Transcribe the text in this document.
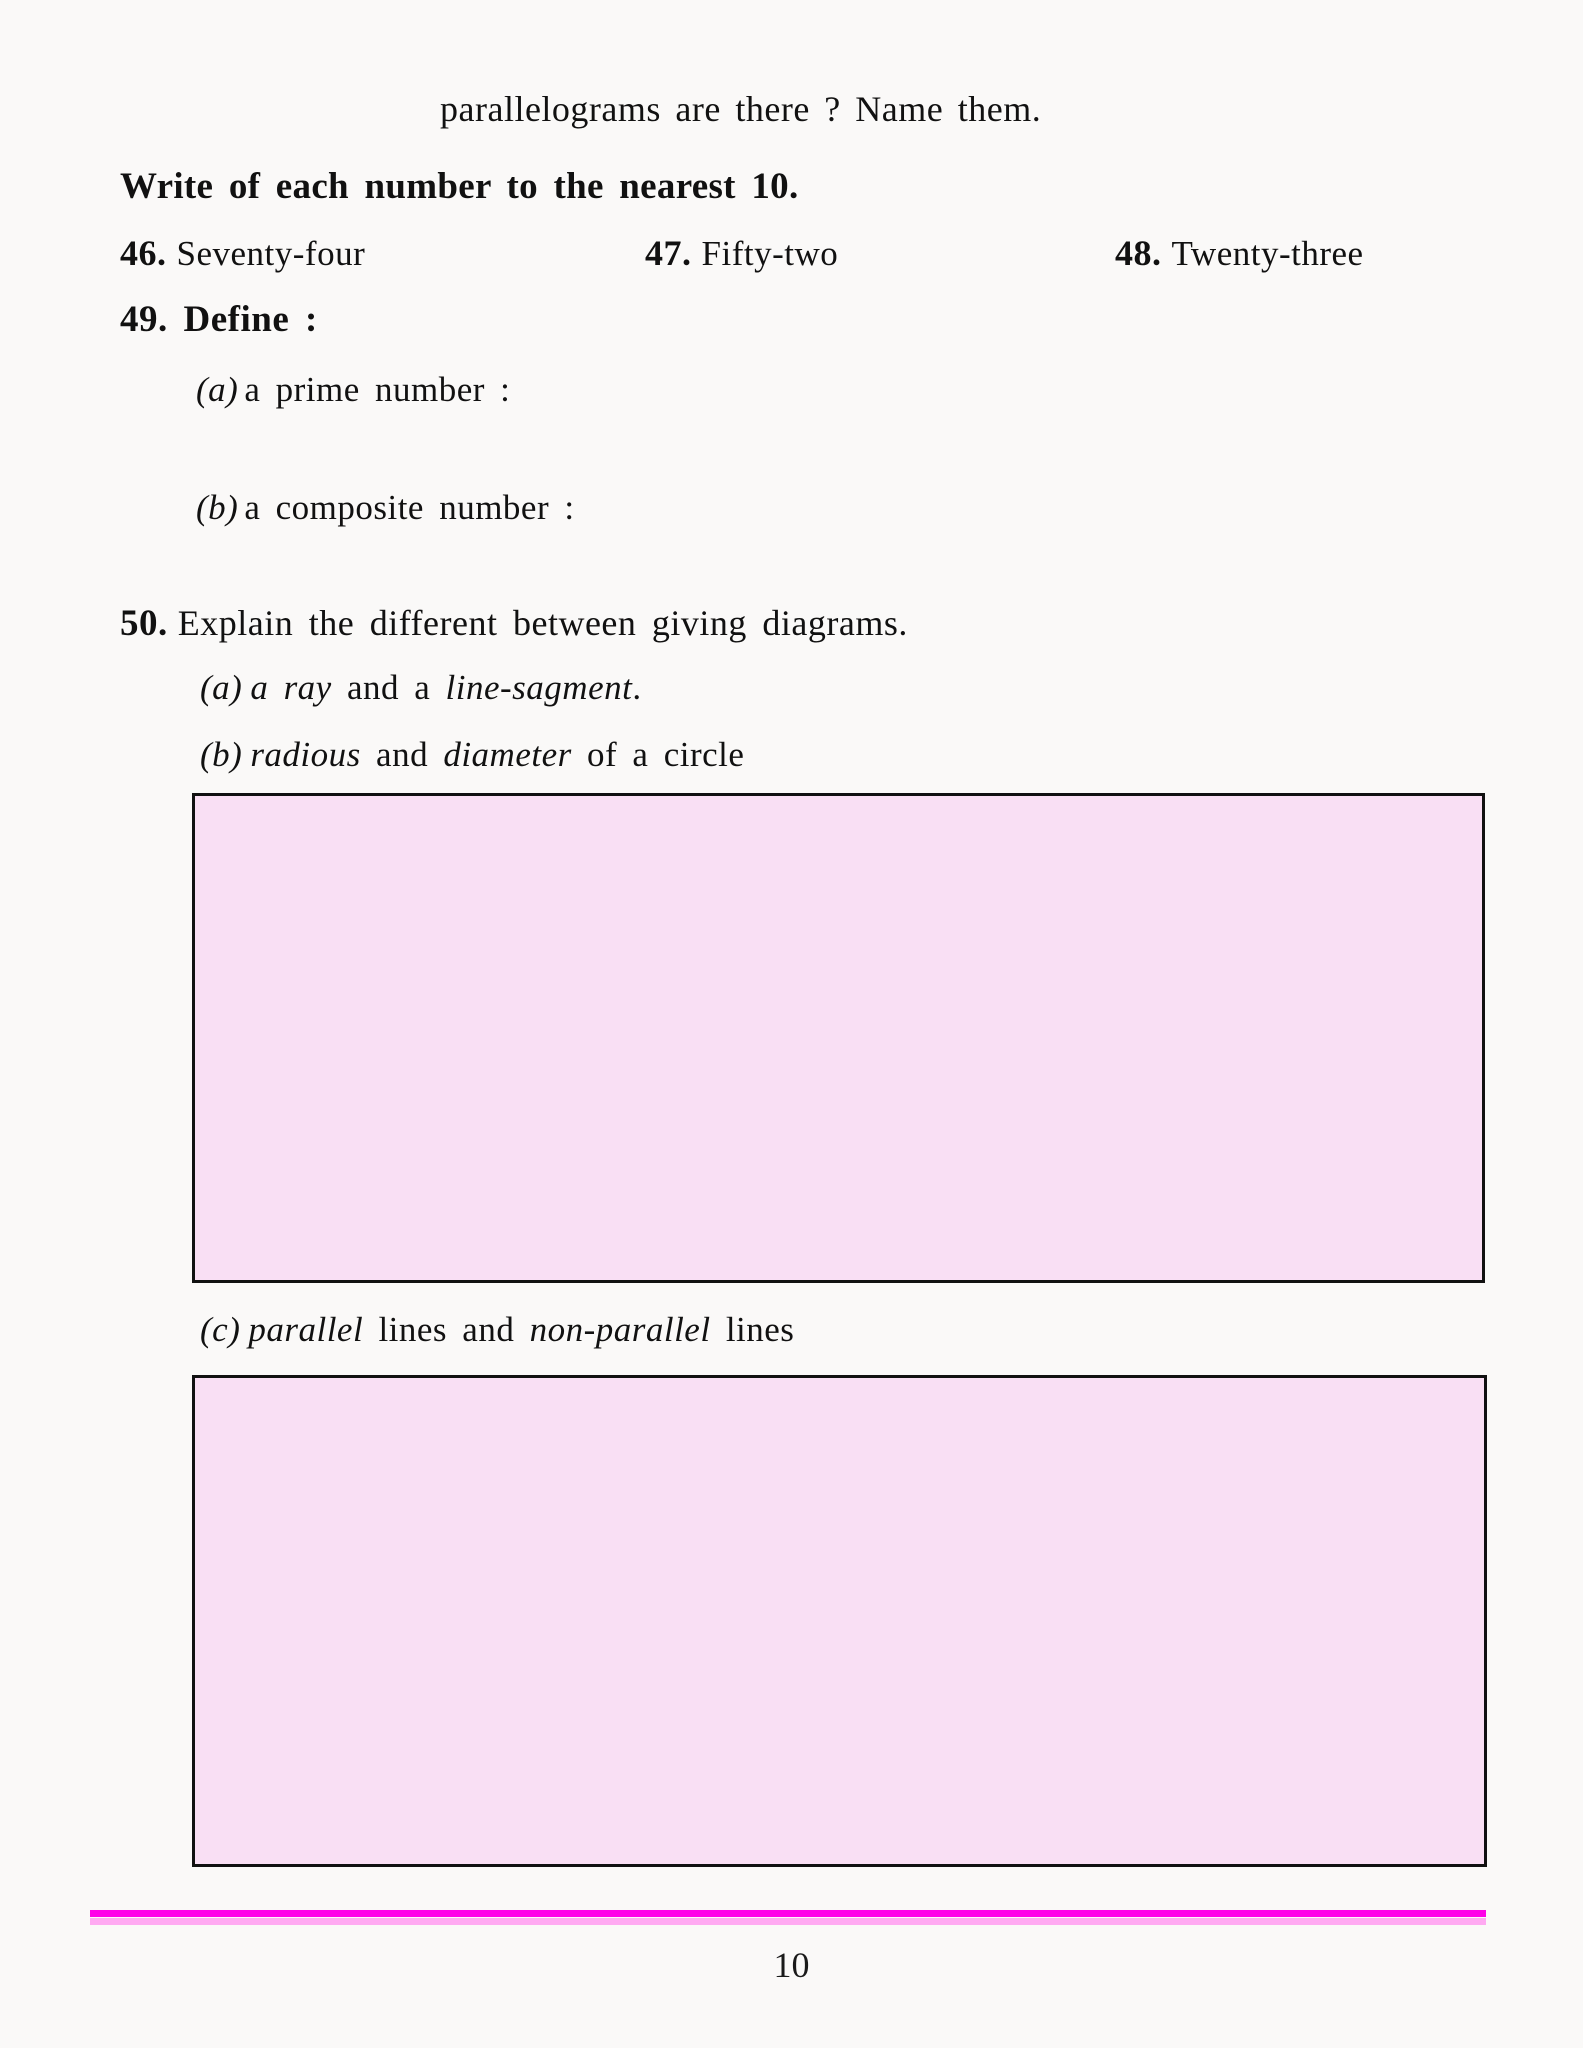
parallelograms are there ? Name them.
Write of each number to the nearest 10.
46. Seventy-four	47. Fifty-two	48. Twenty-three
49. Define :
(a) a prime number :
.....
.....
(b) a composite number :
.....
.....
50. Explain the different between giving diagrams.
(a) a ray and a line-sagment.
(b) radious and diameter of a circle
(c) parallel lines and non-parallel lines
10
